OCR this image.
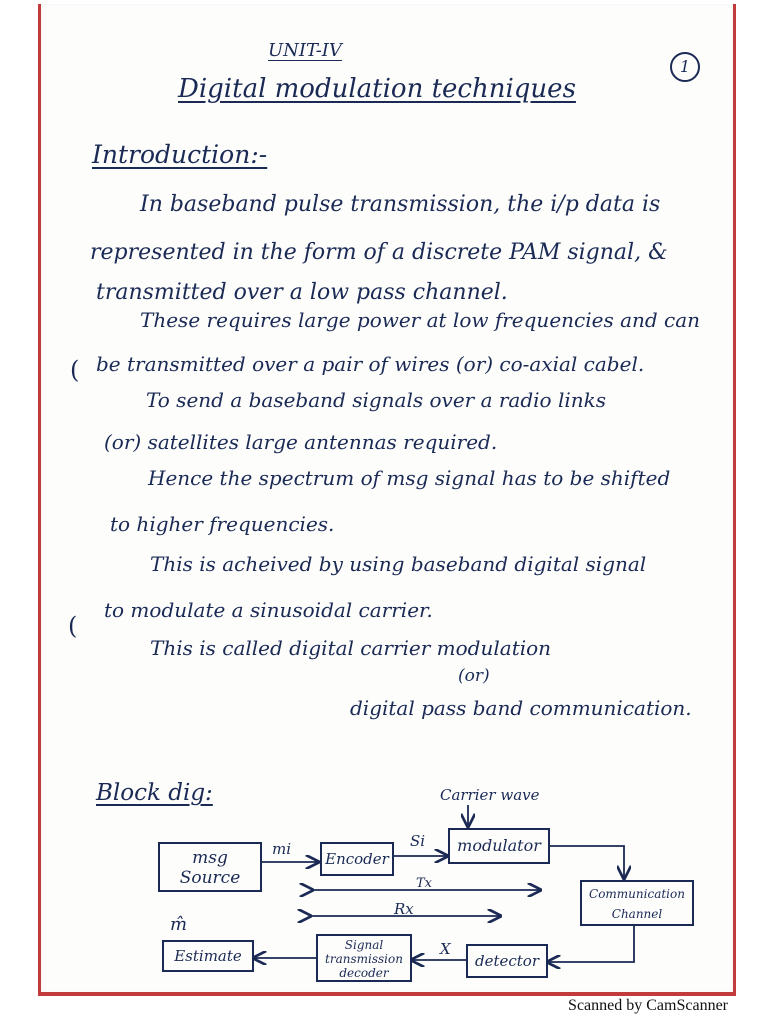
UNIT-IV
1
Digital modulation techniques
Introduction:-
In baseband pulse transmission, the i/p data is
represented in the form of a discrete PAM signal, &
transmitted over a low pass channel.
These requires large power at low frequencies and can
( be transmitted over a pair of wires (or) co-axial cabel.
To send a baseband signals over a radio links
(or) satellites large antennas required.
Hence the spectrum of msg signal has to be shifted
to higher frequencies.
This is acheived by using baseband digital signal
(
to modulate a sinusoidal carrier.
This is called digital carrier modulation
(or)
digital pass band communication.
Block dig:	Carrier wave
msg Source
Encoder
modulator
Communication Channel
detector
Signal transmission decoder
Estimate
mi	Si
Tx
Rx
X
m̂
Scanned by CamScanner
